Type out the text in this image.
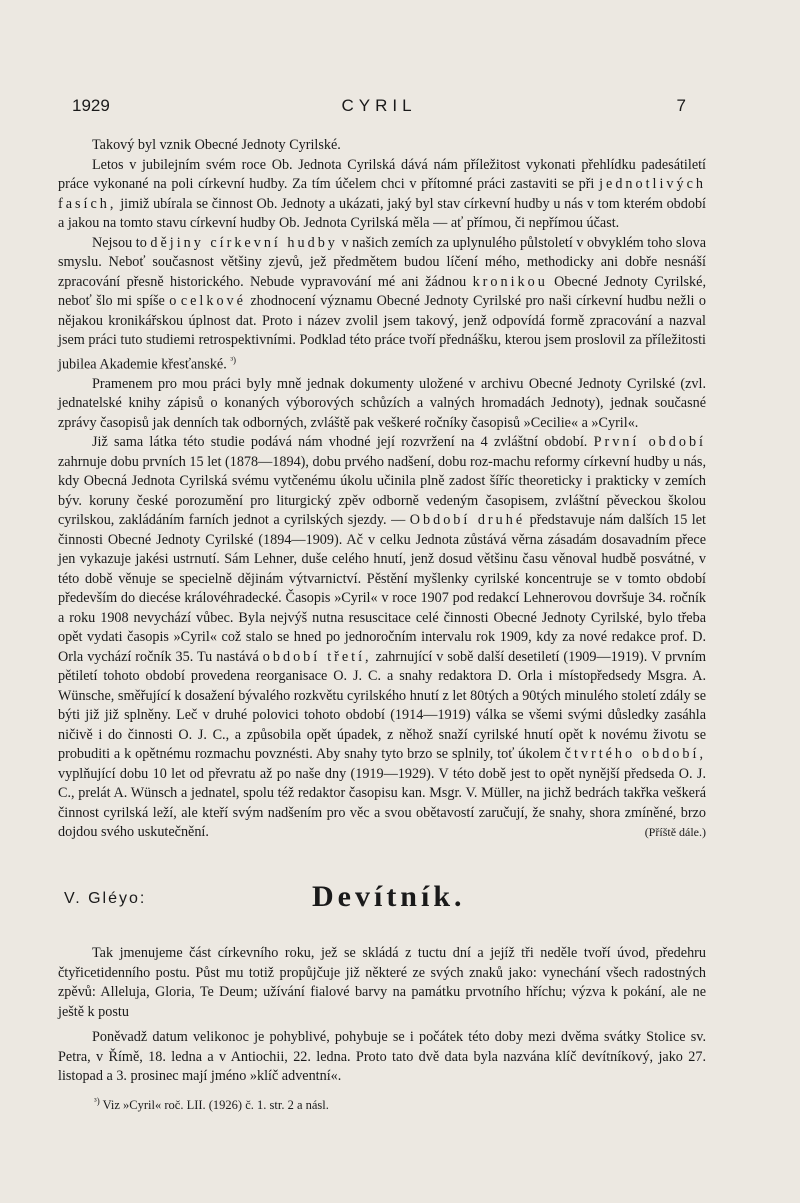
1929	CYRIL	7

Takový byl vznik Obecné Jednoty Cyrilské.

Letos v jubilejním svém roce Ob. Jednota Cyrilská dává nám příležitost vykonati přehlídku padesátiletí práce vykonané na poli církevní hudby. Za tím účelem chci v přítomné práci zastaviti se při jednotlivých fasích, jimiž ubírala se činnost Ob. Jednoty a ukázati, jaký byl stav církevní hudby u nás v tom kterém období a jakou na tomto stavu církevní hudby Ob. Jednota Cyrilská měla — ať přímou, či nepřímou účast.

Nejsou to dějiny církevní hudby v našich zemích za uplynulého půlstoletí v obvyklém toho slova smyslu. Neboť současnost většiny zjevů, jež předmětem budou líčení mého, methodicky ani dobře nesnáší zpracování přesně historického. Nebude vypravování mé ani žádnou kronikou Obecné Jednoty Cyrilské, neboť šlo mi spíše o celkové zhodnocení významu Obecné Jednoty Cyrilské pro naši církevní hudbu nežli o nějakou kronikářskou úplnost dat. Proto i název zvolil jsem takový, jenž odpovídá formě zpracování a nazval jsem práci tuto studiemi retrospektivními. Podklad této práce tvoří přednášku, kterou jsem proslovil za příležitosti jubilea Akademie křesťanské. $^{^3)}$

Pramenem pro mou práci byly mně jednak dokumenty uložené v archivu Obecné Jednoty Cyrilské (zvl. jednatelské knihy zápisů o konaných výborových schůzích a valných hromadách Jednoty), jednak současné zprávy časopisů jak denních tak odborných, zvláště pak veškeré ročníky časopisů »Cecilie« a »Cyril«.

Již sama látka této studie podává nám vhodné její rozvržení na 4 zvláštní období. První období zahrnuje dobu prvních 15 let (1878—1894), dobu prvého nadšení, dobu roz-machu reformy církevní hudby u nás, kdy Obecná Jednota Cyrilská svému vytčenému úkolu učinila plně zadost šíříc theoreticky i prakticky v zemích býv. koruny české porozumění pro liturgický zpěv odborně vedeným časopisem, zvláštní pěveckou školou cyrilskou, zakládáním farních jednot a cyrilských sjezdy. — Období druhé představuje nám dalších 15 let činnosti Obecné Jednoty Cyrilské (1894—1909). Ač v celku Jednota zůstává věrna zásadám dosavadním přece jen vykazuje jakési ustrnutí. Sám Lehner, duše celého hnutí, jenž dosud většinu času věnoval hudbě posvátné, v této době věnuje se specielně dějinám výtvarnictví. Pěstění myšlenky cyrilské koncentruje se v tomto období především do diecése královéhradecké. Časopis »Cyril« v roce 1907 pod redakcí Lehnerovou dovršuje 34. ročník a roku 1908 nevychází vůbec. Byla nejvýš nutna resuscitace celé činnosti Obecné Jednoty Cyrilské, bylo třeba opět vydati časopis »Cyril« což stalo se hned po jednoročním intervalu rok 1909, kdy za nové redakce prof. D. Orla vychází ročník 35. Tu nastává období třetí, zahrnující v sobě další desetiletí (1909—1919). V prvním pětiletí tohoto období provedena reorganisace O. J. C. a snahy redaktora D. Orla i místopředsedy Msgra. A. Wünsche, směřující k dosažení bývalého rozkvětu cyrilského hnutí z let 80tých a 90tých minulého století zdály se býti již již splněny. Leč v druhé polovici tohoto období (1914—1919) válka se všemi svými důsledky zasáhla ničivě i do činnosti O. J. C., a způsobila opět úpadek, z něhož snaží cyrilské hnutí opět k novému životu se probuditi a k opětnému rozmachu povznésti. Aby snahy tyto brzo se splnily, toť úkolem čtvrtého období, vyplňující dobu 10 let od převratu až po naše dny (1919—1929). V této době jest to opět nynější předseda O. J. C., prelát A. Wünsch a jednatel, spolu též redaktor časopisu kan. Msgr. V. Müller, na jichž bedrách takřka veškerá činnost cyrilská leží, ale kteří svým nadšením pro věc a svou obětavostí zaručují, že snahy, shora zmíněné, brzo dojdou svého uskutečnění.	(Příště dále.)

V. Gléyo:	Devítník.

Tak jmenujeme část církevního roku, jež se skládá z tuctu dní a jejíž tři neděle tvoří úvod, předehru čtyřicetidenního postu. Půst mu totiž propůjčuje již některé ze svých znaků jako: vynechání všech radostných zpěvů: Alleluja, Gloria, Te Deum; užívání fialové barvy na památku prvotního hříchu; výzva k pokání, ale ne ještě k postu

Poněvadž datum velikonoc je pohyblivé, pohybuje se i počátek této doby mezi dvěma svátky Stolice sv. Petra, v Římě, 18. ledna a v Antiochii, 22. ledna. Proto tato dvě data byla nazvána klíč devítníkový, jako 27. listopad a 3. prosinec mají jméno »klíč adventní«.

$^{^3)}$ Viz »Cyril« roč. LII. (1926) č. 1. str. 2 a násl.
